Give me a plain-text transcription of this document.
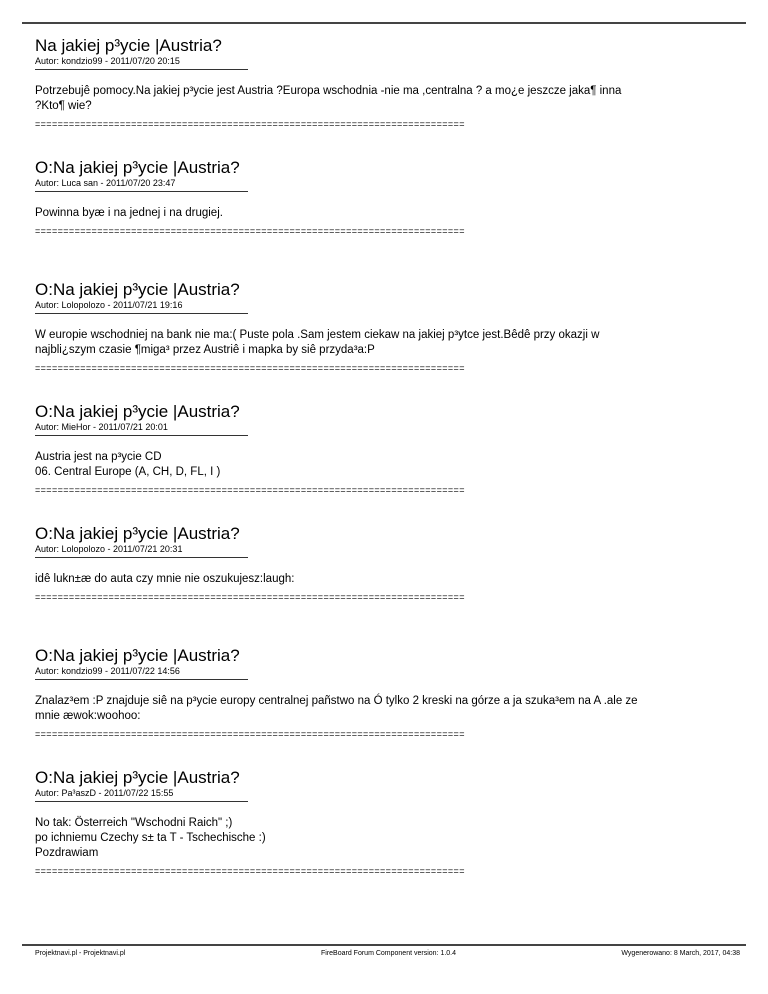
Na jakiej p³ycie |Austria?

Autor: kondzio99 - 2011/07/20 20:15

Potrzebujê pomocy.Na jakiej p³ycie jest Austria ?Europa wschodnia -nie ma ,centralna ? a mo¿e jeszcze jaka¶ inna
?Kto¶ wie?

============================================================================

O:Na jakiej p³ycie |Austria?

Autor: Luca san - 2011/07/20 23:47

Powinna byæ i na jednej i na drugiej.

============================================================================

O:Na jakiej p³ycie |Austria?

Autor: Lolopolozo - 2011/07/21 19:16

W europie wschodniej na bank nie ma:( Puste pola .Sam jestem ciekaw na jakiej p³ytce jest.Bêdê przy okazji w
najbli¿szym czasie ¶miga³ przez Austriê i mapka by siê przyda³a:P

============================================================================

O:Na jakiej p³ycie |Austria?

Autor: MieHor - 2011/07/21 20:01

Austria jest na p³ycie CD
06. Central Europe (A, CH, D, FL, I )

============================================================================

O:Na jakiej p³ycie |Austria?

Autor: Lolopolozo - 2011/07/21 20:31

idê lukn±æ do auta czy mnie nie oszukujesz:laugh:

============================================================================

O:Na jakiej p³ycie |Austria?

Autor: kondzio99 - 2011/07/22 14:56

Znalaz³em :P znajduje siê na p³ycie europy centralnej pañstwo na Ó tylko 2 kreski na górze a ja szuka³em na A .ale ze
mnie æwok:woohoo:

============================================================================

O:Na jakiej p³ycie |Austria?

Autor: Pa³aszD - 2011/07/22 15:55

No tak: Österreich "Wschodni Raich" ;)
po ichniemu Czechy s± ta T - Tschechische :)
Pozdrawiam

============================================================================

Projektnavi.pl - Projektnavi.pl	FireBoard Forum Component version: 1.0.4	Wygenerowano: 8 March, 2017, 04:38
